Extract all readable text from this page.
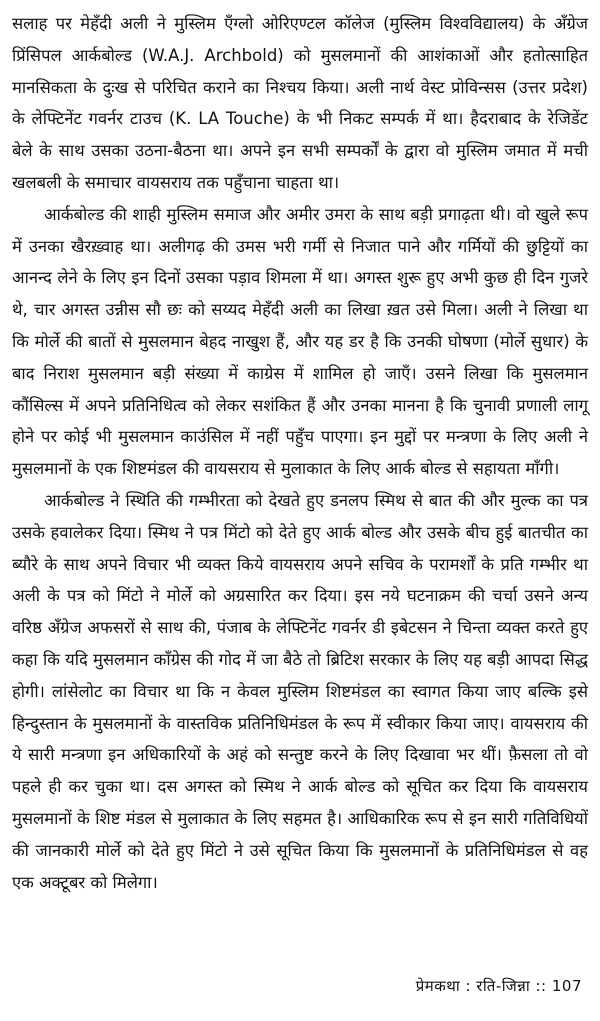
सलाह पर मेहँदी अली ने मुस्लिम एँग्लो ओरिएण्टल कॉलेज (मुस्लिम विश्वविद्यालय) के अँग्रेज प्रिंसिपल आर्कबोल्ड (W.A.J. Archbold) को मुसलमानों की आशंकाओं और हतोत्साहित मानसिकता के दुःख से परिचित कराने का निश्चय किया। अली नार्थ वेस्ट प्रोविन्सस (उत्तर प्रदेश) के लेफ्टिनेंट गवर्नर टाउच (K. LA Touche) के भी निकट सम्पर्क में था। हैदराबाद के रेजिडेंट बेले के साथ उसका उठना-बैठना था। अपने इन सभी सम्पर्कों के द्वारा वो मुस्लिम जमात में मची खलबली के समाचार वायसराय तक पहुँचाना चाहता था।

आर्कबोल्ड की शाही मुस्लिम समाज और अमीर उमरा के साथ बड़ी प्रगाढ़ता थी। वो खुले रूप में उनका खैरख़्वाह था। अलीगढ़ की उमस भरी गर्मी से निजात पाने और गर्मियों की छुट्टियों का आनन्द लेने के लिए इन दिनों उसका पड़ाव शिमला में था। अगस्त शुरू हुए अभी कुछ ही दिन गुजरे थे, चार अगस्त उन्नीस सौ छः को सय्यद मेहँदी अली का लिखा ख़त उसे मिला। अली ने लिखा था कि मोर्ले की बातों से मुसलमान बेहद नाखुश हैं, और यह डर है कि उनकी घोषणा (मोर्ले सुधार) के बाद निराश मुसलमान बड़ी संख्या में काग्रेस में शामिल हो जाएँ। उसने लिखा कि मुसलमान कौंसिल्स में अपने प्रतिनिधित्व को लेकर सशंकित हैं और उनका मानना है कि चुनावी प्रणाली लागू होने पर कोई भी मुसलमान काउंसिल में नहीं पहुँच पाएगा। इन मुद्दों पर मन्त्रणा के लिए अली ने मुसलमानों के एक शिष्टमंडल की वायसराय से मुलाकात के लिए आर्क बोल्ड से सहायता माँगी।

आर्कबोल्ड ने स्थिति की गम्भीरता को देखते हुए डनलप स्मिथ से बात की और मुल्क का पत्र उसके हवालेकर दिया। स्मिथ ने पत्र मिंटो को देते हुए आर्क बोल्ड और उसके बीच हुई बातचीत का ब्यौरे के साथ अपने विचार भी व्यक्त किये वायसराय अपने सचिव के परामर्शों के प्रति गम्भीर था अली के पत्र को मिंटो ने मोर्ले को अग्रसारित कर दिया। इस नये घटनाक्रम की चर्चा उसने अन्य वरिष्ठ अँग्रेज अफसरों से साथ की, पंजाब के लेफ्टिनेंट गवर्नर डी इबेटसन ने चिन्ता व्यक्त करते हुए कहा कि यदि मुसलमान काँग्रेस की गोद में जा बैठे तो ब्रिटिश सरकार के लिए यह बड़ी आपदा सिद्ध होगी। लांसेलोट का विचार था कि न केवल मुस्लिम शिष्टमंडल का स्वागत किया जाए बल्कि इसे हिन्दुस्तान के मुसलमानों के वास्तविक प्रतिनिधिमंडल के रूप में स्वीकार किया जाए। वायसराय की ये सारी मन्त्रणा इन अधिकारियों के अहं को सन्तुष्ट करने के लिए दिखावा भर थीं। फ़ैसला तो वो पहले ही कर चुका था। दस अगस्त को स्मिथ ने आर्क बोल्ड को सूचित कर दिया कि वायसराय मुसलमानों के शिष्ट मंडल से मुलाकात के लिए सहमत है। आधिकारिक रूप से इन सारी गतिविधियों की जानकारी मोर्ले को देते हुए मिंटो ने उसे सूचित किया कि मुसलमानों के प्रतिनिधिमंडल से वह एक अक्टूबर को मिलेगा।

प्रेमकथा : रति-जिन्ना :: 107
